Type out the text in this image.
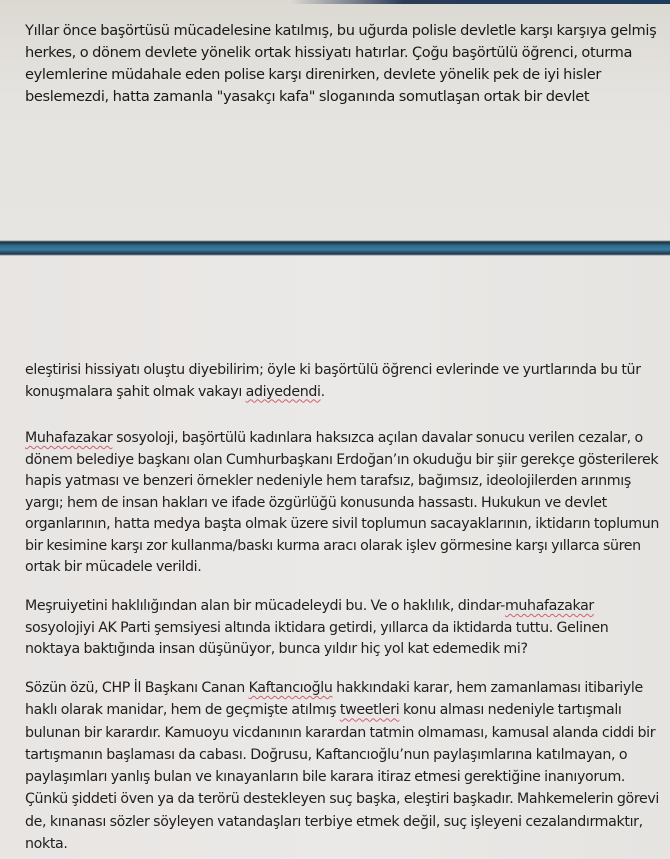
Yıllar önce başörtüsü mücadelesine katılmış, bu uğurda polisle devletle karşı karşıya gelmiş herkes, o dönem devlete yönelik ortak hissiyatı hatırlar. Çoğu başörtülü öğrenci, oturma eylemlerine müdahale eden polise karşı direnirken, devlete yönelik pek de iyi hisler beslemezdi, hatta zamanla "yasakçı kafa" sloganında somutlaşan ortak bir devlet

eleştirisi hissiyatı oluştu diyebilirim; öyle ki başörtülü öğrenci evlerinde ve yurtlarında bu tür konuşmalara şahit olmak vakayı adiyedendi.

Muhafazakar sosyoloji, başörtülü kadınlara haksızca açılan davalar sonucu verilen cezalar, o dönem belediye başkanı olan Cumhurbaşkanı Erdoğan’ın okuduğu bir şiir gerekçe gösterilerek hapis yatması ve benzeri örnekler nedeniyle hem tarafsız, bağımsız, ideolojilerden arınmış yargı; hem de insan hakları ve ifade özgürlüğü konusunda hassastı. Hukukun ve devlet organlarının, hatta medya başta olmak üzere sivil toplumun sacayaklarının, iktidarın toplumun bir kesimine karşı zor kullanma/baskı kurma aracı olarak işlev görmesine karşı yıllarca süren ortak bir mücadele verildi.

Meşruiyetini haklılığından alan bir mücadeleydi bu. Ve o haklılık, dindar-muhafazakar sosyolojiyi AK Parti şemsiyesi altında iktidara getirdi, yıllarca da iktidarda tuttu. Gelinen noktaya baktığında insan düşünüyor, bunca yıldır hiç yol kat edemedik mi?

Sözün özü, CHP İl Başkanı Canan Kaftancıoğlu hakkındaki karar, hem zamanlaması itibariyle haklı olarak manidar, hem de geçmişte atılmış tweetleri konu alması nedeniyle tartışmalı bulunan bir karardır. Kamuoyu vicdanının karardan tatmin olmaması, kamusal alanda ciddi bir tartışmanın başlaması da cabası. Doğrusu, Kaftancıoğlu’nun paylaşımlarına katılmayan, o paylaşımları yanlış bulan ve kınayanların bile karara itiraz etmesi gerektiğine inanıyorum. Çünkü şiddeti öven ya da terörü destekleyen suç başka, eleştiri başkadır. Mahkemelerin görevi de, kınanası sözler söyleyen vatandaşları terbiye etmek değil, suç işleyeni cezalandırmaktır, nokta.
